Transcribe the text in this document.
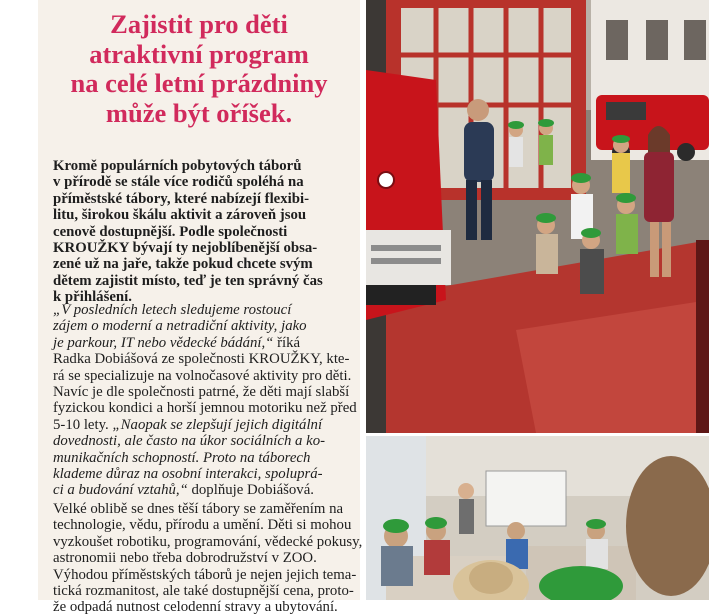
Zajistit pro děti
atraktivní program
na celé letní prázdniny
může být oříšek.
Kromě populárních pobytových táborů
v přírodě se stále více rodičů spoléhá na
příměstské tábory, které nabízejí flexibi-
litu, širokou škálu aktivit a zároveň jsou
cenově dostupnější. Podle společnosti
KROUŽKY bývají ty nejoblíbenější obsa-
zené už na jaře, takže pokud chcete svým
dětem zajistit místo, teď je ten správný čas
k přihlášení.
„V posledních letech sledujeme rostoucí
zájem o moderní a netradiční aktivity, jako
je parkour, IT nebo vědecké bádání,“ říká
Radka Dobiášová ze společnosti KROUŽKY, kte-
rá se specializuje na volnočasové aktivity pro děti.
Navíc je dle společnosti patrné, že děti mají slabší
fyzickou kondici a horší jemnou motoriku než před
5-10 lety. „Naopak se zlepšují jejich digitální
dovednosti, ale často na úkor sociálních a ko-
munikačních schopností. Proto na táborech
klademe důraz na osobní interakci, spoluprá-
ci a budování vztahů,“ doplňuje Dobiášová.
Velké oblibě se dnes těší tábory se zaměřením na
technologie, vědu, přírodu a umění. Děti si mohou
vyzkoušet robotiku, programování, vědecké pokusy,
astronomii nebo třeba dobrodružství v ZOO.
Výhodou příměstských táborů je nejen jejich tema-
tická rozmanitost, ale také dostupnější cena, proto-
že odpadá nutnost celodenní stravy a ubytování.
